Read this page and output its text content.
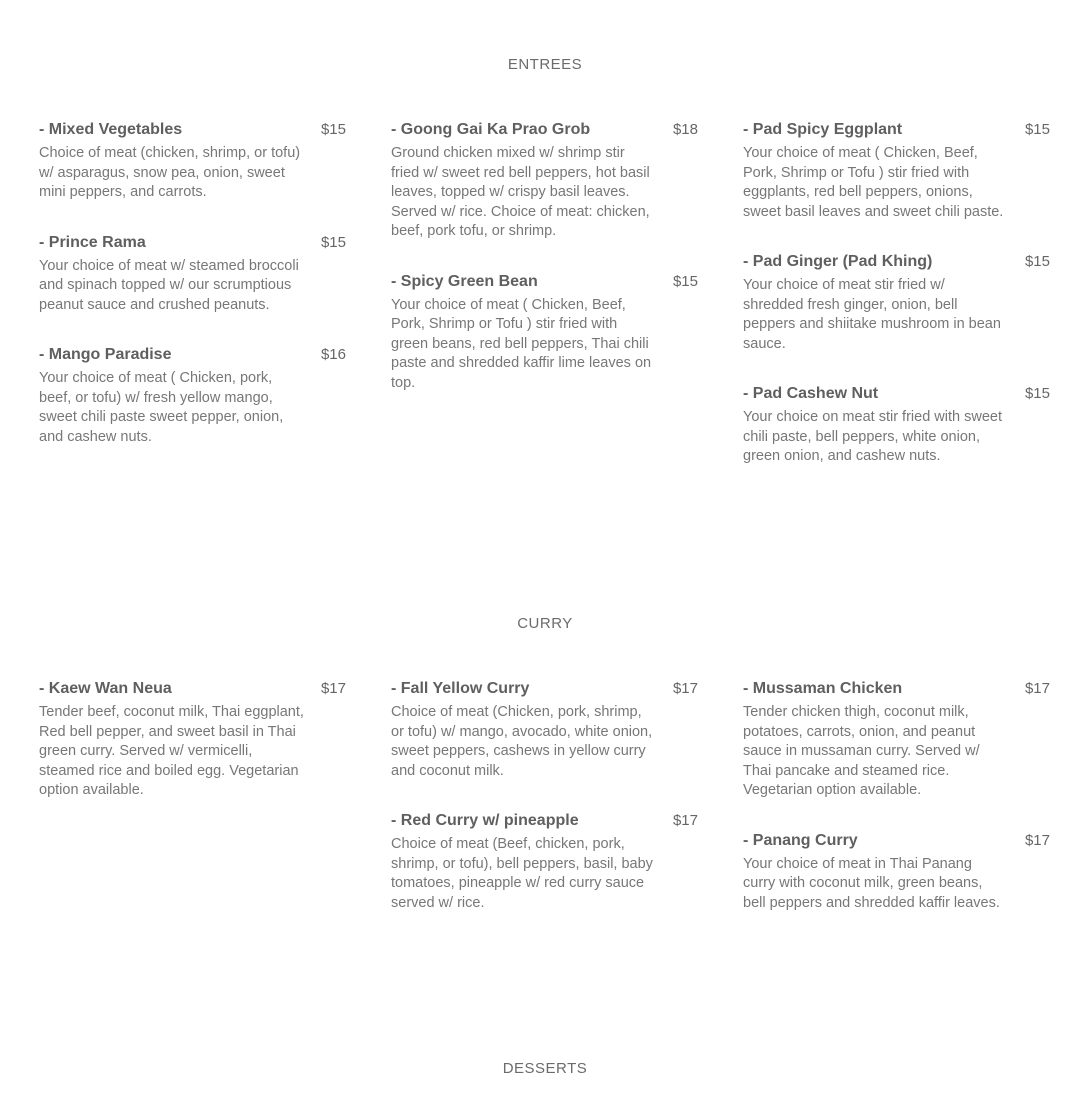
ENTREES
- Mixed Vegetables	$15
Choice of meat (chicken, shrimp, or tofu) w/ asparagus, snow pea, onion, sweet mini peppers, and carrots.
- Prince Rama	$15
Your choice of meat w/ steamed broccoli and spinach topped w/ our scrumptious peanut sauce and crushed peanuts.
- Mango Paradise	$16
Your choice of meat ( Chicken, pork, beef, or tofu) w/ fresh yellow mango, sweet chili paste sweet pepper, onion, and cashew nuts.
- Goong Gai Ka Prao Grob	$18
Ground chicken mixed w/ shrimp stir fried w/ sweet red bell peppers, hot basil leaves, topped w/ crispy basil leaves. Served w/ rice. Choice of meat: chicken, beef, pork tofu, or shrimp.
- Spicy Green Bean	$15
Your choice of meat ( Chicken, Beef, Pork, Shrimp or Tofu ) stir fried with green beans, red bell peppers, Thai chili paste and shredded kaffir lime leaves on top.
- Pad Spicy Eggplant	$15
Your choice of meat ( Chicken, Beef, Pork, Shrimp or Tofu ) stir fried with eggplants, red bell peppers, onions, sweet basil leaves and sweet chili paste.
- Pad Ginger (Pad Khing)	$15
Your choice of meat stir fried w/ shredded fresh ginger, onion, bell peppers and shiitake mushroom in bean sauce.
- Pad Cashew Nut	$15
Your choice on meat stir fried with sweet chili paste, bell peppers, white onion, green onion, and cashew nuts.
CURRY
- Kaew Wan Neua	$17
Tender beef, coconut milk, Thai eggplant, Red bell pepper, and sweet basil in Thai green curry. Served w/ vermicelli, steamed rice and boiled egg. Vegetarian option available.
- Fall Yellow Curry	$17
Choice of meat (Chicken, pork, shrimp, or tofu) w/ mango, avocado, white onion, sweet peppers, cashews in yellow curry and coconut milk.
- Red Curry w/ pineapple	$17
Choice of meat (Beef, chicken, pork, shrimp, or tofu), bell peppers, basil, baby tomatoes, pineapple w/ red curry sauce served w/ rice.
- Mussaman Chicken	$17
Tender chicken thigh, coconut milk, potatoes, carrots, onion, and peanut sauce in mussaman curry. Served w/ Thai pancake and steamed rice. Vegetarian option available.
- Panang Curry	$17
Your choice of meat in Thai Panang curry with coconut milk, green beans, bell peppers and shredded kaffir leaves.
DESSERTS
